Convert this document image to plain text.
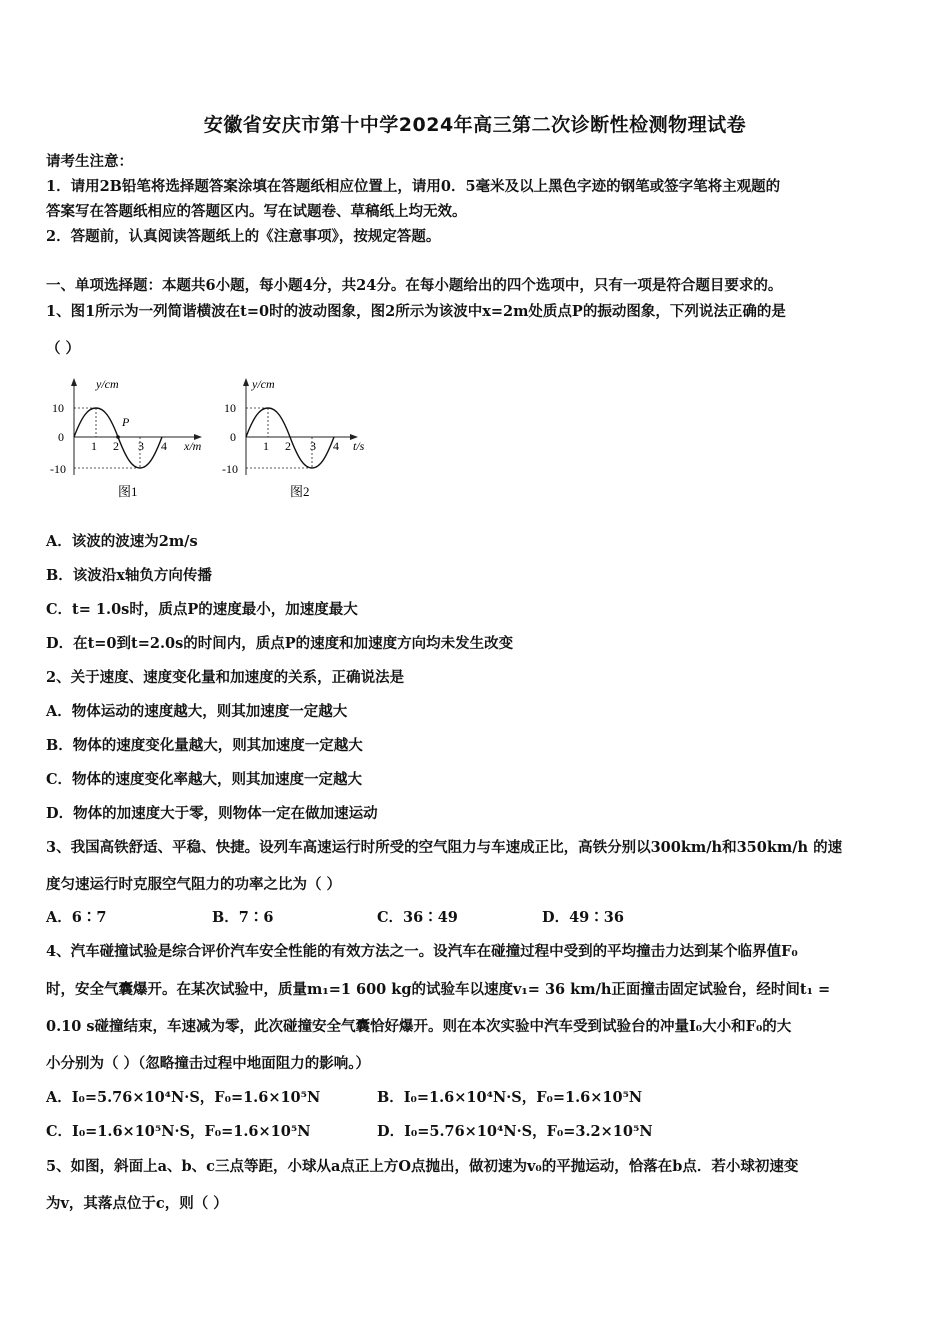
安徽省安庆市第十中学2024年高三第二次诊断性检测物理试卷
请考生注意：
1．请用2B铅笔将选择题答案涂填在答题纸相应位置上，请用0．5毫米及以上黑色字迹的钢笔或签字笔将主观题的
答案写在答题纸相应的答题区内。写在试题卷、草稿纸上均无效。
2．答题前，认真阅读答题纸上的《注意事项》，按规定答题。
一、单项选择题：本题共6小题，每小题4分，共24分。在每小题给出的四个选项中，只有一项是符合题目要求的。
1、图1所示为一列简谐横波在t=0时的波动图象，图2所示为该波中x=2m处质点P的振动图象，下列说法正确的是
（ ）
y/cm
x/m
10
0
-10
1 2 3 4
P
图1
y/cm
t/s
10
0
-10
1 2 3 4
图2
A．该波的波速为2m/s
B．该波沿x轴负方向传播
C．t= 1.0s时，质点P的速度最小，加速度最大
D．在t=0到t=2.0s的时间内，质点P的速度和加速度方向均未发生改变
2、关于速度、速度变化量和加速度的关系，正确说法是
A．物体运动的速度越大，则其加速度一定越大
B．物体的速度变化量越大，则其加速度一定越大
C．物体的速度变化率越大，则其加速度一定越大
D．物体的加速度大于零，则物体一定在做加速运动
3、我国高铁舒适、平稳、快捷。设列车高速运行时所受的空气阻力与车速成正比，高铁分别以300km/h和350km/h 的速
度匀速运行时克服空气阻力的功率之比为（ ）
A．6∶7	B．7∶6	C．36∶49	D．49∶36
4、汽车碰撞试验是综合评价汽车安全性能的有效方法之一。设汽车在碰撞过程中受到的平均撞击力达到某个临界值F₀
时，安全气囊爆开。在某次试验中，质量m₁=1 600 kg的试验车以速度v₁= 36 km/h正面撞击固定试验台，经时间t₁ =
0.10 s碰撞结束，车速减为零，此次碰撞安全气囊恰好爆开。则在本次实验中汽车受到试验台的冲量I₀大小和F₀的大
小分别为（ ）（忽略撞击过程中地面阻力的影响。）
A．I₀=5.76×10⁴N·S，F₀=1.6×10⁵N	B．I₀=1.6×10⁴N·S，F₀=1.6×10⁵N
C．I₀=1.6×10⁵N·S，F₀=1.6×10⁵N	D．I₀=5.76×10⁴N·S，F₀=3.2×10⁵N
5、如图，斜面上a、b、c三点等距，小球从a点正上方O点抛出，做初速为v₀的平抛运动，恰落在b点．若小球初速变
为v，其落点位于c，则（ ）
